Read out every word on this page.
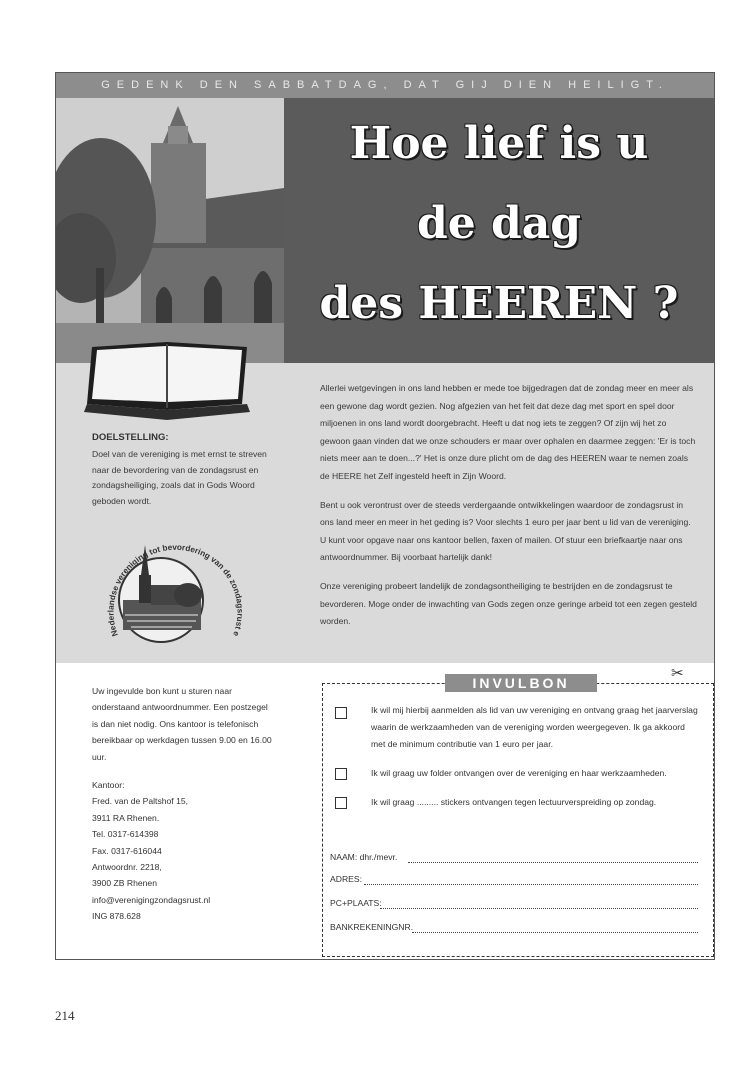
GEDENK DEN SABBATDAG, DAT GIJ DIEN HEILIGT.
Hoe lief is u
de dag
des HEEREN ?

Allerlei wetgevingen in ons land hebben er mede toe bijgedragen dat de zondag meer en meer als een gewone dag wordt gezien. Nog afgezien van het feit dat deze dag met sport en spel door miljoenen in ons land wordt doorgebracht. Heeft u dat nog iets te zeggen? Of zijn wij het zo gewoon gaan vinden dat we onze schouders er maar over ophalen en daarmee zeggen: 'Er is toch niets meer aan te doen...?' Het is onze dure plicht om de dag des HEEREN waar te nemen zoals de HEERE het Zelf ingesteld heeft in Zijn Woord.

Bent u ook verontrust over de steeds verdergaande ontwikkelingen waardoor de zondagsrust in ons land meer en meer in het geding is? Voor slechts 1 euro per jaar bent u lid van de vereniging. U kunt voor opgave naar ons kantoor bellen, faxen of mailen. Of stuur een briefkaartje naar ons antwoordnummer. Bij voorbaat hartelijk dank!

Onze vereniging probeert landelijk de zondagsontheiliging te bestrijden en de zondagsrust te bevorderen. Moge onder de inwachting van Gods zegen onze geringe arbeid tot een zegen gesteld worden.

DOELSTELLING:
Doel van de vereniging is met ernst te streven naar de bevordering van de zondagsrust en zondagsheiliging, zoals dat in Gods Woord geboden wordt.
Nederlandse vereniging tot bevordering van de zondagsrust e
Uw ingevulde bon kunt u sturen naar onderstaand antwoordnummer. Een postzegel is dan niet nodig. Ons kantoor is telefonisch bereikbaar op werkdagen tussen 9.00 en 16.00 uur.
Kantoor:
Fred. van de Paltshof 15,
3911 RA Rhenen.
Tel. 0317-614398
Fax. 0317-616044
Antwoordnr. 2218,
3900 ZB Rhenen
info@verenigingzondagsrust.nl
ING 878.628
INVULBON
✂
Ik wil mij hierbij aanmelden als lid van uw vereniging en ontvang graag het jaarverslag waarin de werkzaamheden van de vereniging worden weergegeven. Ik ga akkoord met de minimum contributie van 1 euro per jaar.
Ik wil graag uw folder ontvangen over de vereniging en haar werkzaamheden.
Ik wil graag ......... stickers ontvangen tegen lectuurverspreiding op zondag.
NAAM: dhr./mevr.
ADRES:
PC+PLAATS:
BANKREKENINGNR.
214
